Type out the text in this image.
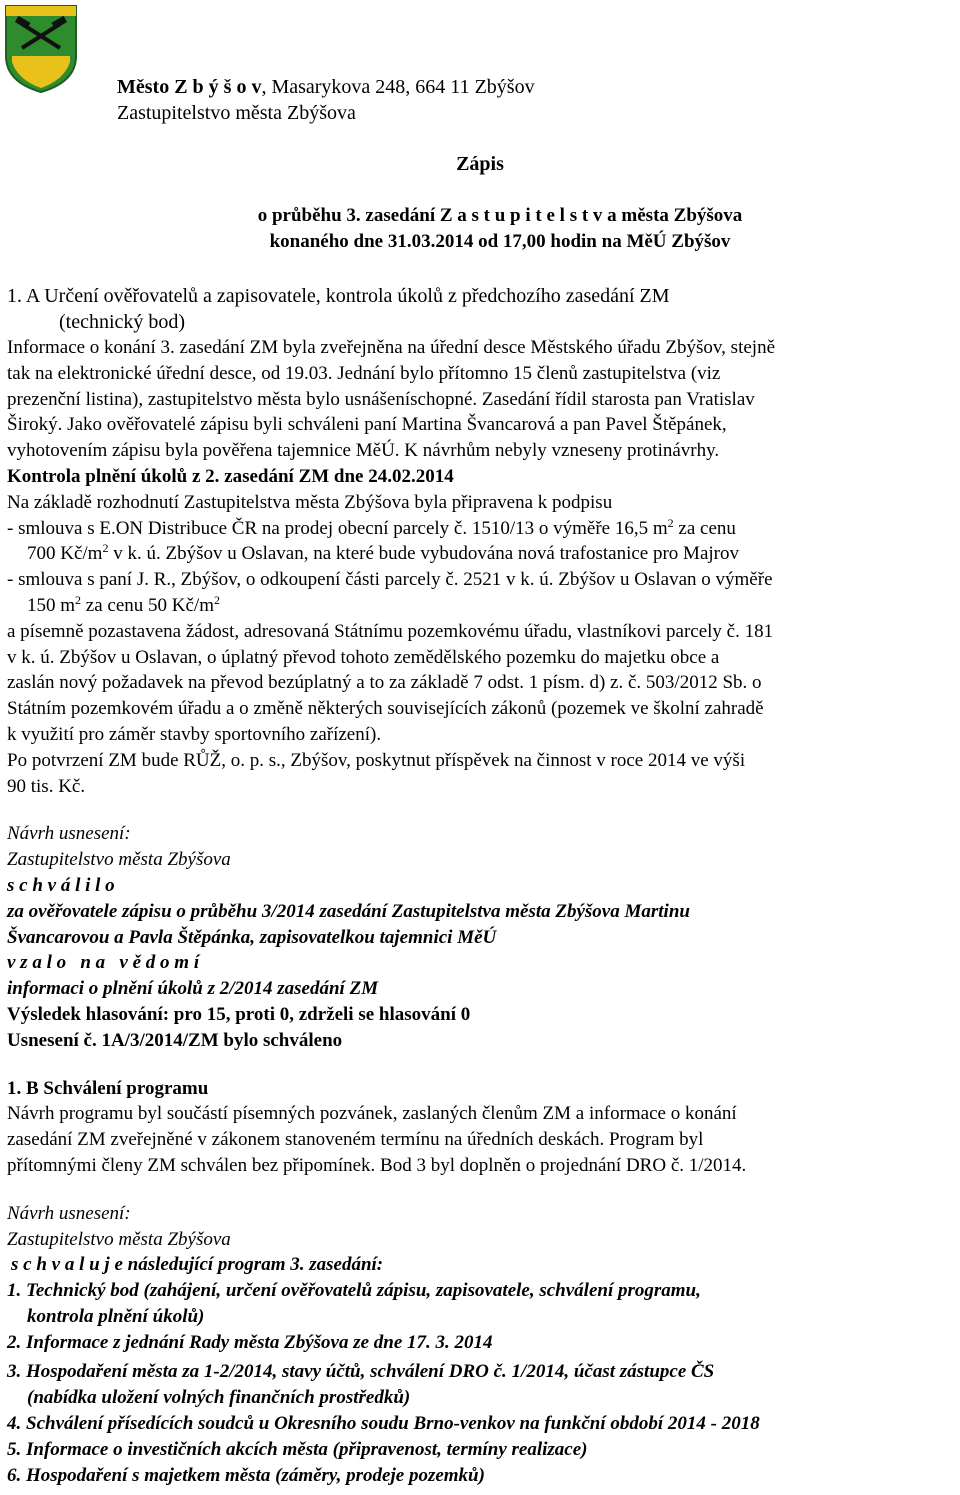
Město Z b ý š o v, Masarykova 248, 664 11 Zbýšov
Zastupitelstvo města Zbýšova
Zápis
o průběhu 3. zasedání Z a s t u p i t e l s t v a města Zbýšova
konaného dne 31.03.2014 od 17,00 hodin na MěÚ Zbýšov
1. A Určení ověřovatelů a zapisovatele, kontrola úkolů z předchozího zasedání ZM
(technický bod)
Informace o konání 3. zasedání ZM byla zveřejněna na úřední desce Městského úřadu Zbýšov, stejně
tak na elektronické úřední desce, od 19.03. Jednání bylo přítomno 15 členů zastupitelstva (viz
prezenční listina), zastupitelstvo města bylo usnášeníschopné. Zasedání řídil starosta pan Vratislav
Široký. Jako ověřovatelé zápisu byli schváleni paní Martina Švancarová a pan Pavel Štěpánek,
vyhotovením zápisu byla pověřena tajemnice MěÚ. K návrhům nebyly vzneseny protinávrhy.
Kontrola plnění úkolů z 2. zasedání ZM dne 24.02.2014
Na základě rozhodnutí Zastupitelstva města Zbýšova byla připravena k podpisu
- smlouva s E.ON Distribuce ČR na prodej obecní parcely č. 1510/13 o výměře 16,5 $m^2$ za cenu
700 $Kč/m^2$ v k. ú. Zbýšov u Oslavan, na které bude vybudována nová trafostanice pro Majrov
- smlouva s paní J. R., Zbýšov, o odkoupení části parcely č. 2521 v k. ú. Zbýšov u Oslavan o výměře
150 $m^2$ za cenu 50 $Kč/m^2$
a písemně pozastavena žádost, adresovaná Státnímu pozemkovému úřadu, vlastníkovi parcely č. 181
v k. ú. Zbýšov u Oslavan, o úplatný převod tohoto zemědělského pozemku do majetku obce a
zaslán nový požadavek na převod bezúplatný a to za základě 7 odst. 1 písm. d) z. č. 503/2012 Sb. o
Státním pozemkovém úřadu a o změně některých souvisejících zákonů (pozemek ve školní zahradě
k využití pro záměr stavby sportovního zařízení).
Po potvrzení ZM bude RŮŽ, o. p. s., Zbýšov, poskytnut příspěvek na činnost v roce 2014 ve výši
90 tis. Kč.
Návrh usnesení:
Zastupitelstvo města Zbýšova
s c h v á l i l o
za ověřovatele zápisu o průběhu 3/2014 zasedání Zastupitelstva města Zbýšova Martinu
Švancarovou a Pavla Štěpánka, zapisovatelkou tajemnici MěÚ
v z a l o   n a   v ě d o m í
informaci o plnění úkolů z 2/2014 zasedání ZM
Výsledek hlasování: pro 15, proti 0, zdrželi se hlasování 0
Usnesení č. 1A/3/2014/ZM bylo schváleno
1. B Schválení programu
Návrh programu byl součástí písemných pozvánek, zaslaných členům ZM a informace o konání
zasedání ZM zveřejněné v zákonem stanoveném termínu na úředních deskách. Program byl
přítomnými členy ZM schválen bez připomínek. Bod 3 byl doplněn o projednání DRO č. 1/2014.
Návrh usnesení:
Zastupitelstvo města Zbýšova
s c h v a l u j e následující program 3. zasedání:
1. Technický bod (zahájení, určení ověřovatelů zápisu, zapisovatele, schválení programu,
kontrola plnění úkolů)
2. Informace z jednání Rady města Zbýšova ze dne 17. 3. 2014
3. Hospodaření města za 1-2/2014, stavy účtů, schválení DRO č. 1/2014, účast zástupce ČS
(nabídka uložení volných finančních prostředků)
4. Schválení přísedících soudců u Okresního soudu Brno-venkov na funkční období 2014 - 2018
5. Informace o investičních akcích města (připravenost, termíny realizace)
6. Hospodaření s majetkem města (záměry, prodeje pozemků)
